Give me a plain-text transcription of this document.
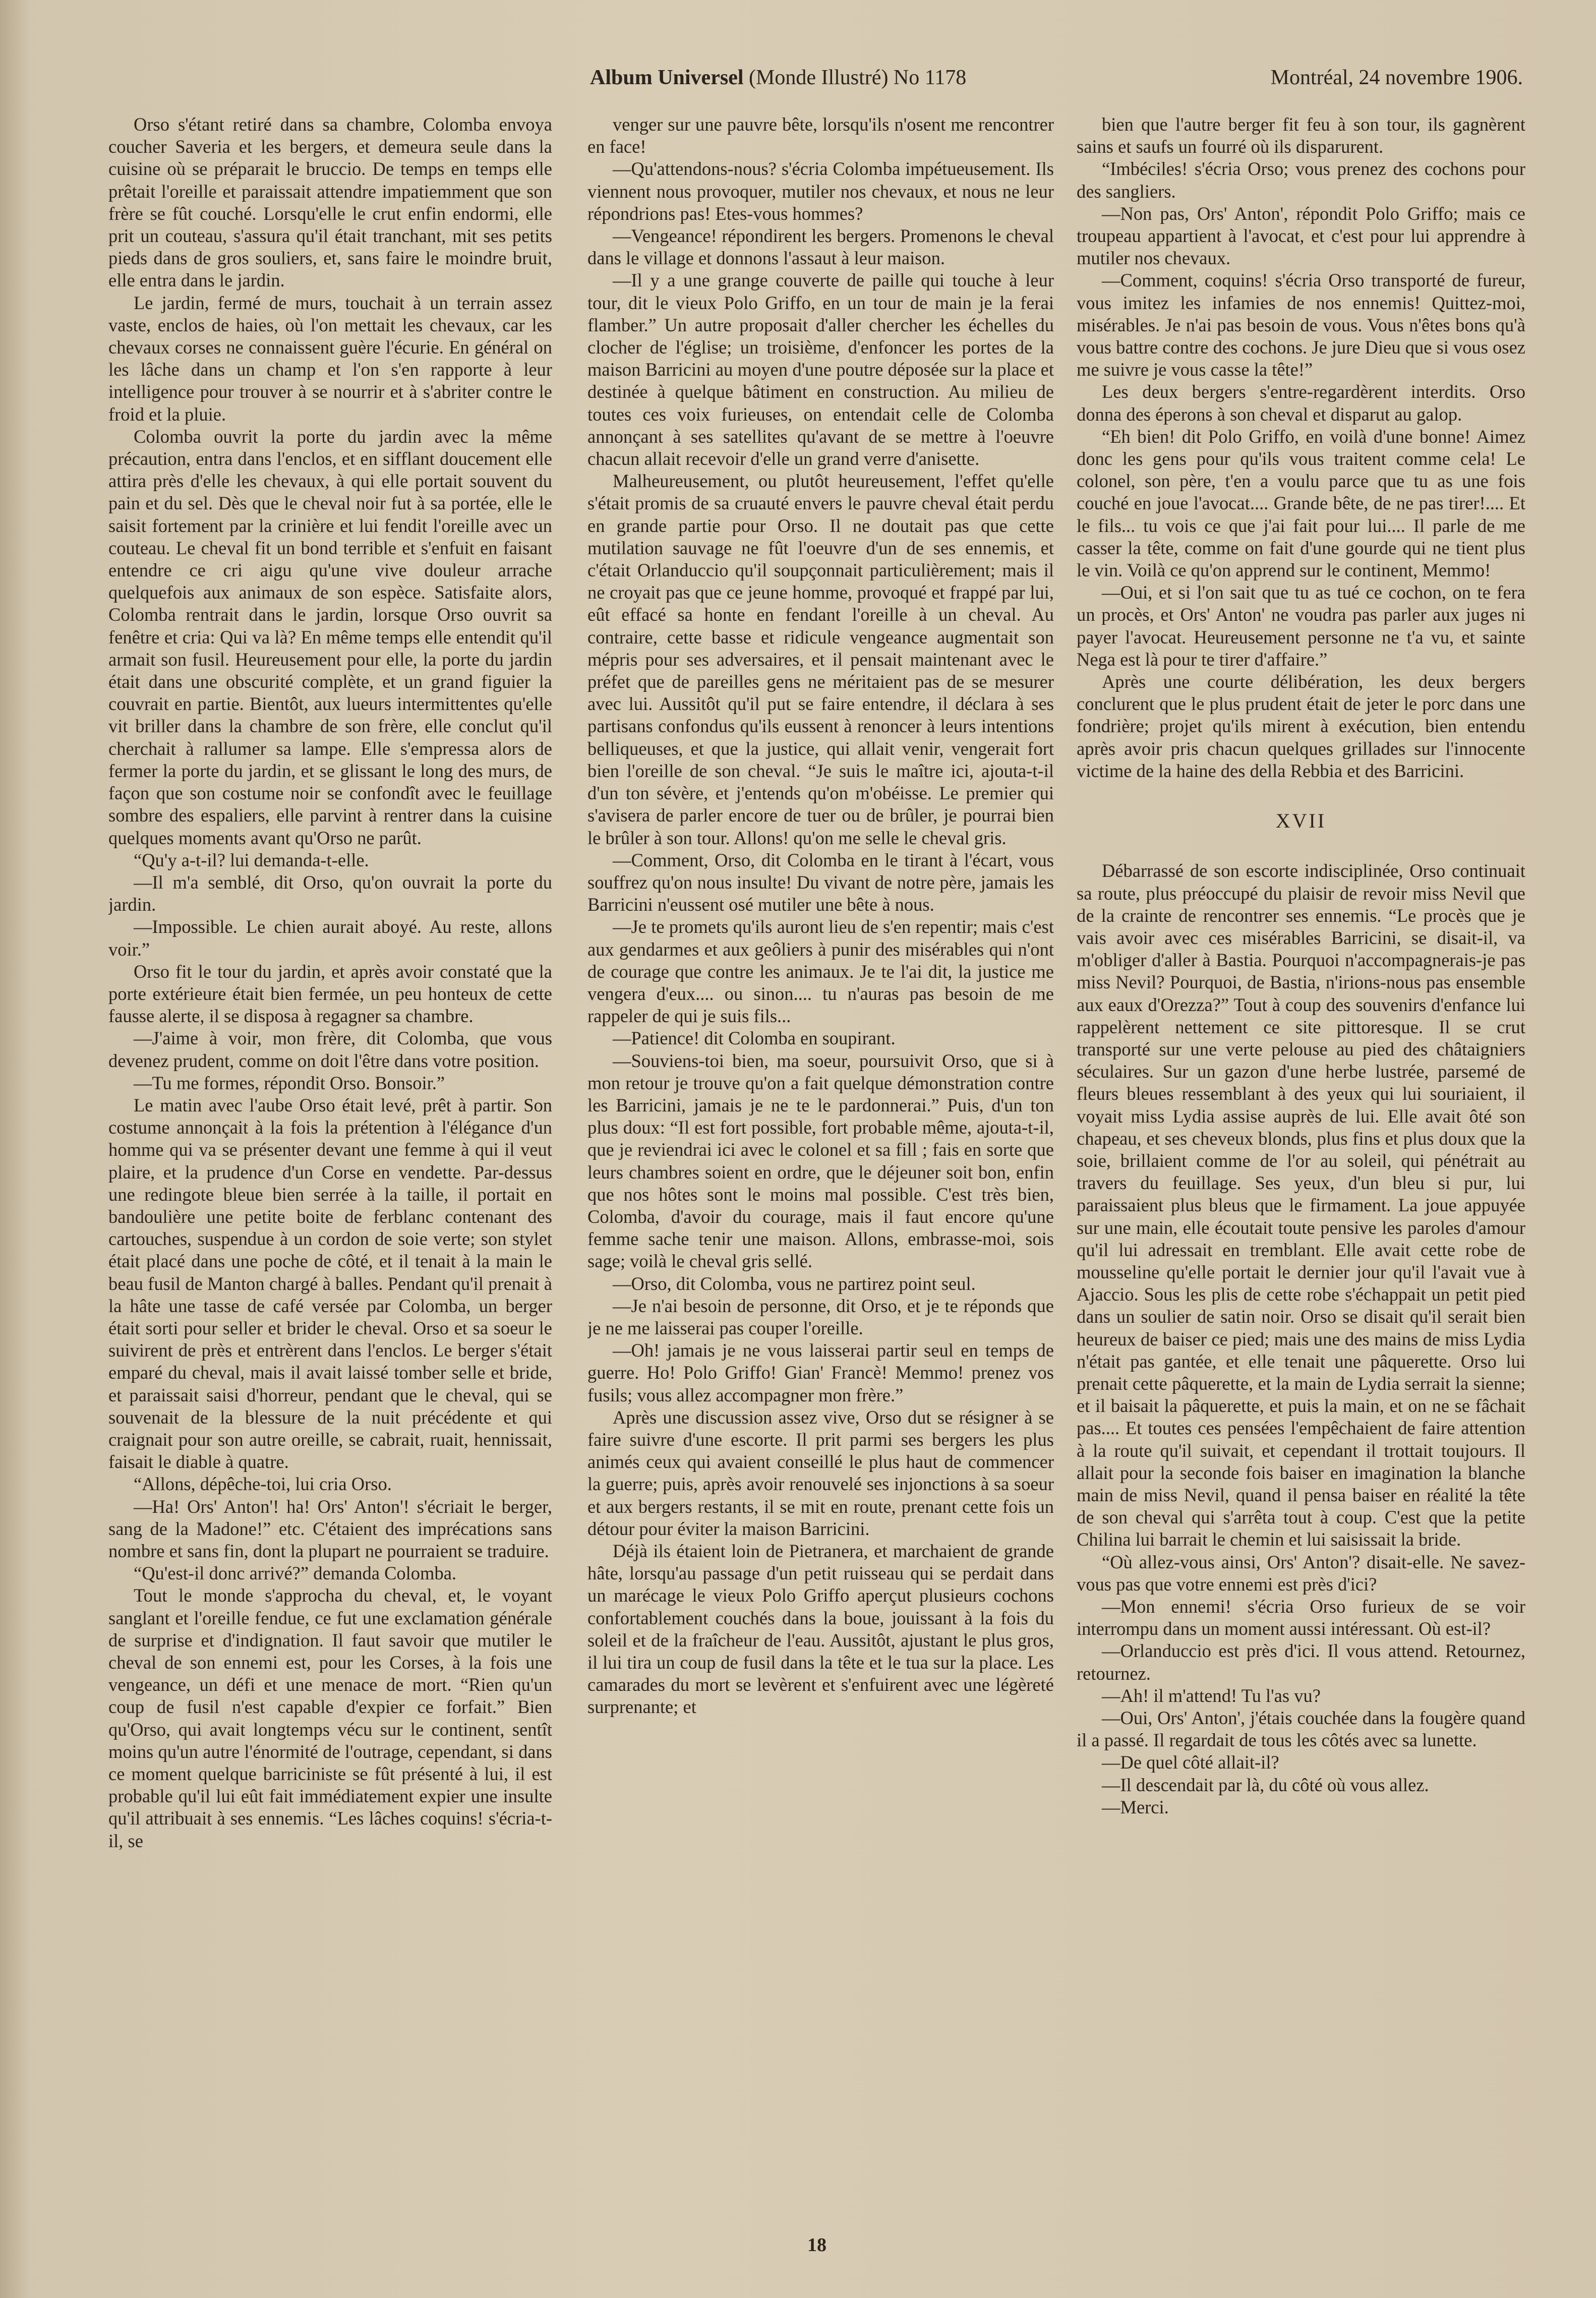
Album Universel (Monde Illustré) No 1178	Montréal, 24 novembre 1906.

Orso s'étant retiré dans sa chambre, Colomba envoya coucher Saveria et les bergers, et demeura seule dans la cuisine où se préparait le bruccio. De temps en temps elle prêtait l'oreille et paraissait attendre impatiemment que son frère se fût couché. Lorsqu'elle le crut enfin endormi, elle prit un couteau, s'assura qu'il était tranchant, mit ses petits pieds dans de gros souliers, et, sans faire le moindre bruit, elle entra dans le jardin.

Le jardin, fermé de murs, touchait à un terrain assez vaste, enclos de haies, où l'on mettait les chevaux, car les chevaux corses ne connaissent guère l'écurie. En général on les lâche dans un champ et l'on s'en rapporte à leur intelligence pour trouver à se nourrir et à s'abriter contre le froid et la pluie.

Colomba ouvrit la porte du jardin avec la même précaution, entra dans l'enclos, et en sifflant doucement elle attira près d'elle les chevaux, à qui elle portait souvent du pain et du sel. Dès que le cheval noir fut à sa portée, elle le saisit fortement par la crinière et lui fendit l'oreille avec un couteau. Le cheval fit un bond terrible et s'enfuit en faisant entendre ce cri aigu qu'une vive douleur arrache quelquefois aux animaux de son espèce. Satisfaite alors, Colomba rentrait dans le jardin, lorsque Orso ouvrit sa fenêtre et cria: Qui va là? En même temps elle entendit qu'il armait son fusil. Heureusement pour elle, la porte du jardin était dans une obscurité complète, et un grand figuier la couvrait en partie. Bientôt, aux lueurs intermittentes qu'elle vit briller dans la chambre de son frère, elle conclut qu'il cherchait à rallumer sa lampe. Elle s'empressa alors de fermer la porte du jardin, et se glissant le long des murs, de façon que son costume noir se confondît avec le feuillage sombre des espaliers, elle parvint à rentrer dans la cuisine quelques moments avant qu'Orso ne parût.

“Qu'y a-t-il? lui demanda-t-elle.

—Il m'a semblé, dit Orso, qu'on ouvrait la porte du jardin.

—Impossible. Le chien aurait aboyé. Au reste, allons voir.”

Orso fit le tour du jardin, et après avoir constaté que la porte extérieure était bien fermée, un peu honteux de cette fausse alerte, il se disposa à regagner sa chambre.

—J'aime à voir, mon frère, dit Colomba, que vous devenez prudent, comme on doit l'être dans votre position.

—Tu me formes, répondit Orso. Bonsoir.”

Le matin avec l'aube Orso était levé, prêt à partir. Son costume annonçait à la fois la prétention à l'élégance d'un homme qui va se présenter devant une femme à qui il veut plaire, et la prudence d'un Corse en vendette. Par-dessus une redingote bleue bien serrée à la taille, il portait en bandoulière une petite boite de ferblanc contenant des cartouches, suspendue à un cordon de soie verte; son stylet était placé dans une poche de côté, et il tenait à la main le beau fusil de Manton chargé à balles. Pendant qu'il prenait à la hâte une tasse de café versée par Colomba, un berger était sorti pour seller et brider le cheval. Orso et sa soeur le suivirent de près et entrèrent dans l'enclos. Le berger s'était emparé du cheval, mais il avait laissé tomber selle et bride, et paraissait saisi d'horreur, pendant que le cheval, qui se souvenait de la blessure de la nuit précédente et qui craignait pour son autre oreille, se cabrait, ruait, hennissait, faisait le diable à quatre.

“Allons, dépêche-toi, lui cria Orso.

—Ha! Ors' Anton'! ha! Ors' Anton'! s'écriait le berger, sang de la Madone!” etc. C'étaient des imprécations sans nombre et sans fin, dont la plupart ne pourraient se traduire.

“Qu'est-il donc arrivé?” demanda Colomba.

Tout le monde s'approcha du cheval, et, le voyant sanglant et l'oreille fendue, ce fut une exclamation générale de surprise et d'indignation. Il faut savoir que mutiler le cheval de son ennemi est, pour les Corses, à la fois une vengeance, un défi et une menace de mort. “Rien qu'un coup de fusil n'est capable d'expier ce forfait.” Bien qu'Orso, qui avait longtemps vécu sur le continent, sentît moins qu'un autre l'énormité de l'outrage, cependant, si dans ce moment quelque barriciniste se fût présenté à lui, il est probable qu'il lui eût fait immédiatement expier une insulte qu'il attribuait à ses ennemis. “Les lâches coquins! s'écria-t-il, se

venger sur une pauvre bête, lorsqu'ils n'osent me rencontrer en face!

—Qu'attendons-nous? s'écria Colomba impétueusement. Ils viennent nous provoquer, mutiler nos chevaux, et nous ne leur répondrions pas! Etes-vous hommes?

—Vengeance! répondirent les bergers. Promenons le cheval dans le village et donnons l'assaut à leur maison.

—Il y a une grange couverte de paille qui touche à leur tour, dit le vieux Polo Griffo, en un tour de main je la ferai flamber.” Un autre proposait d'aller chercher les échelles du clocher de l'église; un troisième, d'enfoncer les portes de la maison Barricini au moyen d'une poutre déposée sur la place et destinée à quelque bâtiment en construction. Au milieu de toutes ces voix furieuses, on entendait celle de Colomba annonçant à ses satellites qu'avant de se mettre à l'oeuvre chacun allait recevoir d'elle un grand verre d'anisette.

Malheureusement, ou plutôt heureusement, l'effet qu'elle s'était promis de sa cruauté envers le pauvre cheval était perdu en grande partie pour Orso. Il ne doutait pas que cette mutilation sauvage ne fût l'oeuvre d'un de ses ennemis, et c'était Orlanduccio qu'il soupçonnait particulièrement; mais il ne croyait pas que ce jeune homme, provoqué et frappé par lui, eût effacé sa honte en fendant l'oreille à un cheval. Au contraire, cette basse et ridicule vengeance augmentait son mépris pour ses adversaires, et il pensait maintenant avec le préfet que de pareilles gens ne méritaient pas de se mesurer avec lui. Aussitôt qu'il put se faire entendre, il déclara à ses partisans confondus qu'ils eussent à renoncer à leurs intentions belliqueuses, et que la justice, qui allait venir, vengerait fort bien l'oreille de son cheval. “Je suis le maître ici, ajouta-t-il d'un ton sévère, et j'entends qu'on m'obéisse. Le premier qui s'avisera de parler encore de tuer ou de brûler, je pourrai bien le brûler à son tour. Allons! qu'on me selle le cheval gris.

—Comment, Orso, dit Colomba en le tirant à l'écart, vous souffrez qu'on nous insulte! Du vivant de notre père, jamais les Barricini n'eussent osé mutiler une bête à nous.

—Je te promets qu'ils auront lieu de s'en repentir; mais c'est aux gendarmes et aux geôliers à punir des misérables qui n'ont de courage que contre les animaux. Je te l'ai dit, la justice me vengera d'eux.... ou sinon.... tu n'auras pas besoin de me rappeler de qui je suis fils...

—Patience! dit Colomba en soupirant.

—Souviens-toi bien, ma soeur, poursuivit Orso, que si à mon retour je trouve qu'on a fait quelque démonstration contre les Barricini, jamais je ne te le pardonnerai.” Puis, d'un ton plus doux: “Il est fort possible, fort probable même, ajouta-t-il, que je reviendrai ici avec le colonel et sa fill ; fais en sorte que leurs chambres soient en ordre, que le déjeuner soit bon, enfin que nos hôtes sont le moins mal possible. C'est très bien, Colomba, d'avoir du courage, mais il faut encore qu'une femme sache tenir une maison. Allons, embrasse-moi, sois sage; voilà le cheval gris sellé.

—Orso, dit Colomba, vous ne partirez point seul.

—Je n'ai besoin de personne, dit Orso, et je te réponds que je ne me laisserai pas couper l'oreille.

—Oh! jamais je ne vous laisserai partir seul en temps de guerre. Ho! Polo Griffo! Gian' Francè! Memmo! prenez vos fusils; vous allez accompagner mon frère.”

Après une discussion assez vive, Orso dut se résigner à se faire suivre d'une escorte. Il prit parmi ses bergers les plus animés ceux qui avaient conseillé le plus haut de commencer la guerre; puis, après avoir renouvelé ses injonctions à sa soeur et aux bergers restants, il se mit en route, prenant cette fois un détour pour éviter la maison Barricini.

Déjà ils étaient loin de Pietranera, et marchaient de grande hâte, lorsqu'au passage d'un petit ruisseau qui se perdait dans un marécage le vieux Polo Griffo aperçut plusieurs cochons confortablement couchés dans la boue, jouissant à la fois du soleil et de la fraîcheur de l'eau. Aussitôt, ajustant le plus gros, il lui tira un coup de fusil dans la tête et le tua sur la place. Les camarades du mort se levèrent et s'enfuirent avec une légèreté surprenante; et

bien que l'autre berger fit feu à son tour, ils gagnèrent sains et saufs un fourré où ils disparurent.

“Imbéciles! s'écria Orso; vous prenez des cochons pour des sangliers.

—Non pas, Ors' Anton', répondit Polo Griffo; mais ce troupeau appartient à l'avocat, et c'est pour lui apprendre à mutiler nos chevaux.

—Comment, coquins! s'écria Orso transporté de fureur, vous imitez les infamies de nos ennemis! Quittez-moi, misérables. Je n'ai pas besoin de vous. Vous n'êtes bons qu'à vous battre contre des cochons. Je jure Dieu que si vous osez me suivre je vous casse la tête!”

Les deux bergers s'entre-regardèrent interdits. Orso donna des éperons à son cheval et disparut au galop.

“Eh bien! dit Polo Griffo, en voilà d'une bonne! Aimez donc les gens pour qu'ils vous traitent comme cela! Le colonel, son père, t'en a voulu parce que tu as une fois couché en joue l'avocat.... Grande bête, de ne pas tirer!.... Et le fils... tu vois ce que j'ai fait pour lui.... Il parle de me casser la tête, comme on fait d'une gourde qui ne tient plus le vin. Voilà ce qu'on apprend sur le continent, Memmo!

—Oui, et si l'on sait que tu as tué ce cochon, on te fera un procès, et Ors' Anton' ne voudra pas parler aux juges ni payer l'avocat. Heureusement personne ne t'a vu, et sainte Nega est là pour te tirer d'affaire.”

Après une courte délibération, les deux bergers conclurent que le plus prudent était de jeter le porc dans une fondrière; projet qu'ils mirent à exécution, bien entendu après avoir pris chacun quelques grillades sur l'innocente victime de la haine des della Rebbia et des Barricini.

XVII

Débarrassé de son escorte indisciplinée, Orso continuait sa route, plus préoccupé du plaisir de revoir miss Nevil que de la crainte de rencontrer ses ennemis. “Le procès que je vais avoir avec ces misérables Barricini, se disait-il, va m'obliger d'aller à Bastia. Pourquoi n'accompagnerais-je pas miss Nevil? Pourquoi, de Bastia, n'irions-nous pas ensemble aux eaux d'Orezza?” Tout à coup des souvenirs d'enfance lui rappelèrent nettement ce site pittoresque. Il se crut transporté sur une verte pelouse au pied des châtaigniers séculaires. Sur un gazon d'une herbe lustrée, parsemé de fleurs bleues ressemblant à des yeux qui lui souriaient, il voyait miss Lydia assise auprès de lui. Elle avait ôté son chapeau, et ses cheveux blonds, plus fins et plus doux que la soie, brillaient comme de l'or au soleil, qui pénétrait au travers du feuillage. Ses yeux, d'un bleu si pur, lui paraissaient plus bleus que le firmament. La joue appuyée sur une main, elle écoutait toute pensive les paroles d'amour qu'il lui adressait en tremblant. Elle avait cette robe de mousseline qu'elle portait le dernier jour qu'il l'avait vue à Ajaccio. Sous les plis de cette robe s'échappait un petit pied dans un soulier de satin noir. Orso se disait qu'il serait bien heureux de baiser ce pied; mais une des mains de miss Lydia n'était pas gantée, et elle tenait une pâquerette. Orso lui prenait cette pâquerette, et la main de Lydia serrait la sienne; et il baisait la pâquerette, et puis la main, et on ne se fâchait pas.... Et toutes ces pensées l'empêchaient de faire attention à la route qu'il suivait, et cependant il trottait toujours. Il allait pour la seconde fois baiser en imagination la blanche main de miss Nevil, quand il pensa baiser en réalité la tête de son cheval qui s'arrêta tout à coup. C'est que la petite Chilina lui barrait le chemin et lui saisissait la bride.

“Où allez-vous ainsi, Ors' Anton'? disait-elle. Ne savez-vous pas que votre ennemi est près d'ici?

—Mon ennemi! s'écria Orso furieux de se voir interrompu dans un moment aussi intéressant. Où est-il?

—Orlanduccio est près d'ici. Il vous attend. Retournez, retournez.

—Ah! il m'attend! Tu l'as vu?

—Oui, Ors' Anton', j'étais couchée dans la fougère quand il a passé. Il regardait de tous les côtés avec sa lunette.

—De quel côté allait-il?

—Il descendait par là, du côté où vous allez.

—Merci.

18
